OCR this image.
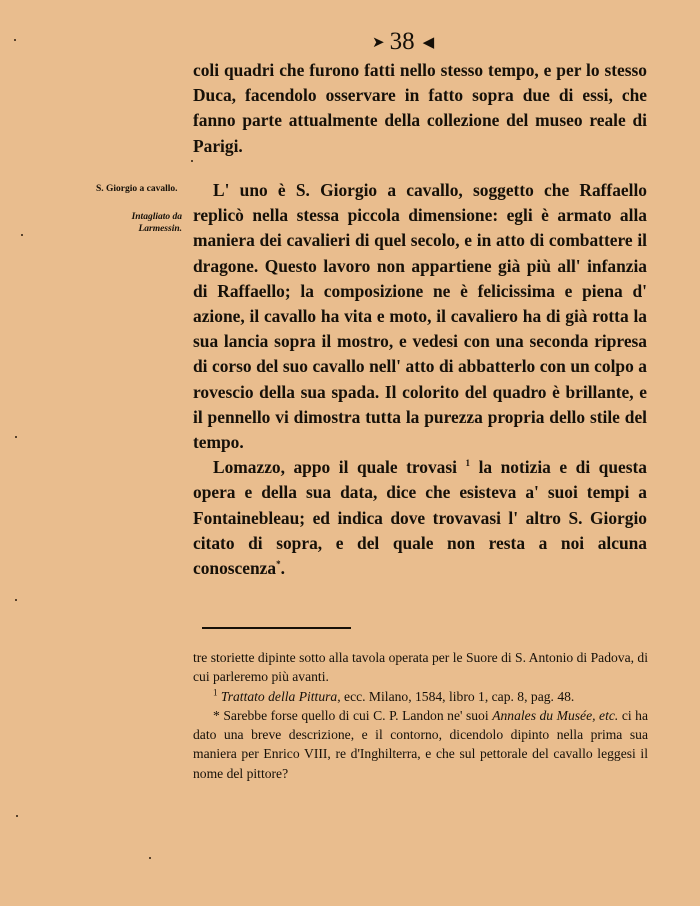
➤ 38 ◀

coli quadri che furono fatti nello stesso tempo, e per lo stesso Duca, facendolo osservare in fatto sopra due di essi, che fanno parte attualmente della collezione del museo reale di Parigi.

S. Giorgio a cavallo.
Intagliato da Larmessin.

L' uno è S. Giorgio a cavallo, soggetto che Raffaello replicò nella stessa piccola dimensione: egli è armato alla maniera dei cavalieri di quel secolo, e in atto di combattere il dragone. Questo lavoro non appartiene già più all' infanzia di Raffaello; la composizione ne è felicissima e piena d' azione, il cavallo ha vita e moto, il cavaliero ha di già rotta la sua lancia sopra il mostro, e vedesi con una seconda ripresa di corso del suo cavallo nell' atto di abbatterlo con un colpo a rovescio della sua spada. Il colorito del quadro è brillante, e il pennello vi dimostra tutta la purezza propria dello stile del tempo.

Lomazzo, appo il quale trovasi $^1$ la notizia e di questa opera e della sua data, dice che esisteva a' suoi tempi a Fontainebleau; ed indica dove trovavasi l' altro S. Giorgio citato di sopra, e del quale non resta a noi alcuna conoscenza*.

tre storiette dipinte sotto alla tavola operata per le Suore di S. Antonio di Padova, di cui parleremo più avanti.

$^1$ Trattato della Pittura, ecc. Milano, 1584, libro 1, cap. 8, pag. 48.

* Sarebbe forse quello di cui C. P. Landon ne' suoi Annales du Musée, etc. ci ha dato una breve descrizione, e il contorno, dicendolo dipinto nella prima sua maniera per Enrico VIII, re d'Inghilterra, e che sul pettorale del cavallo leggesi il nome del pittore?
